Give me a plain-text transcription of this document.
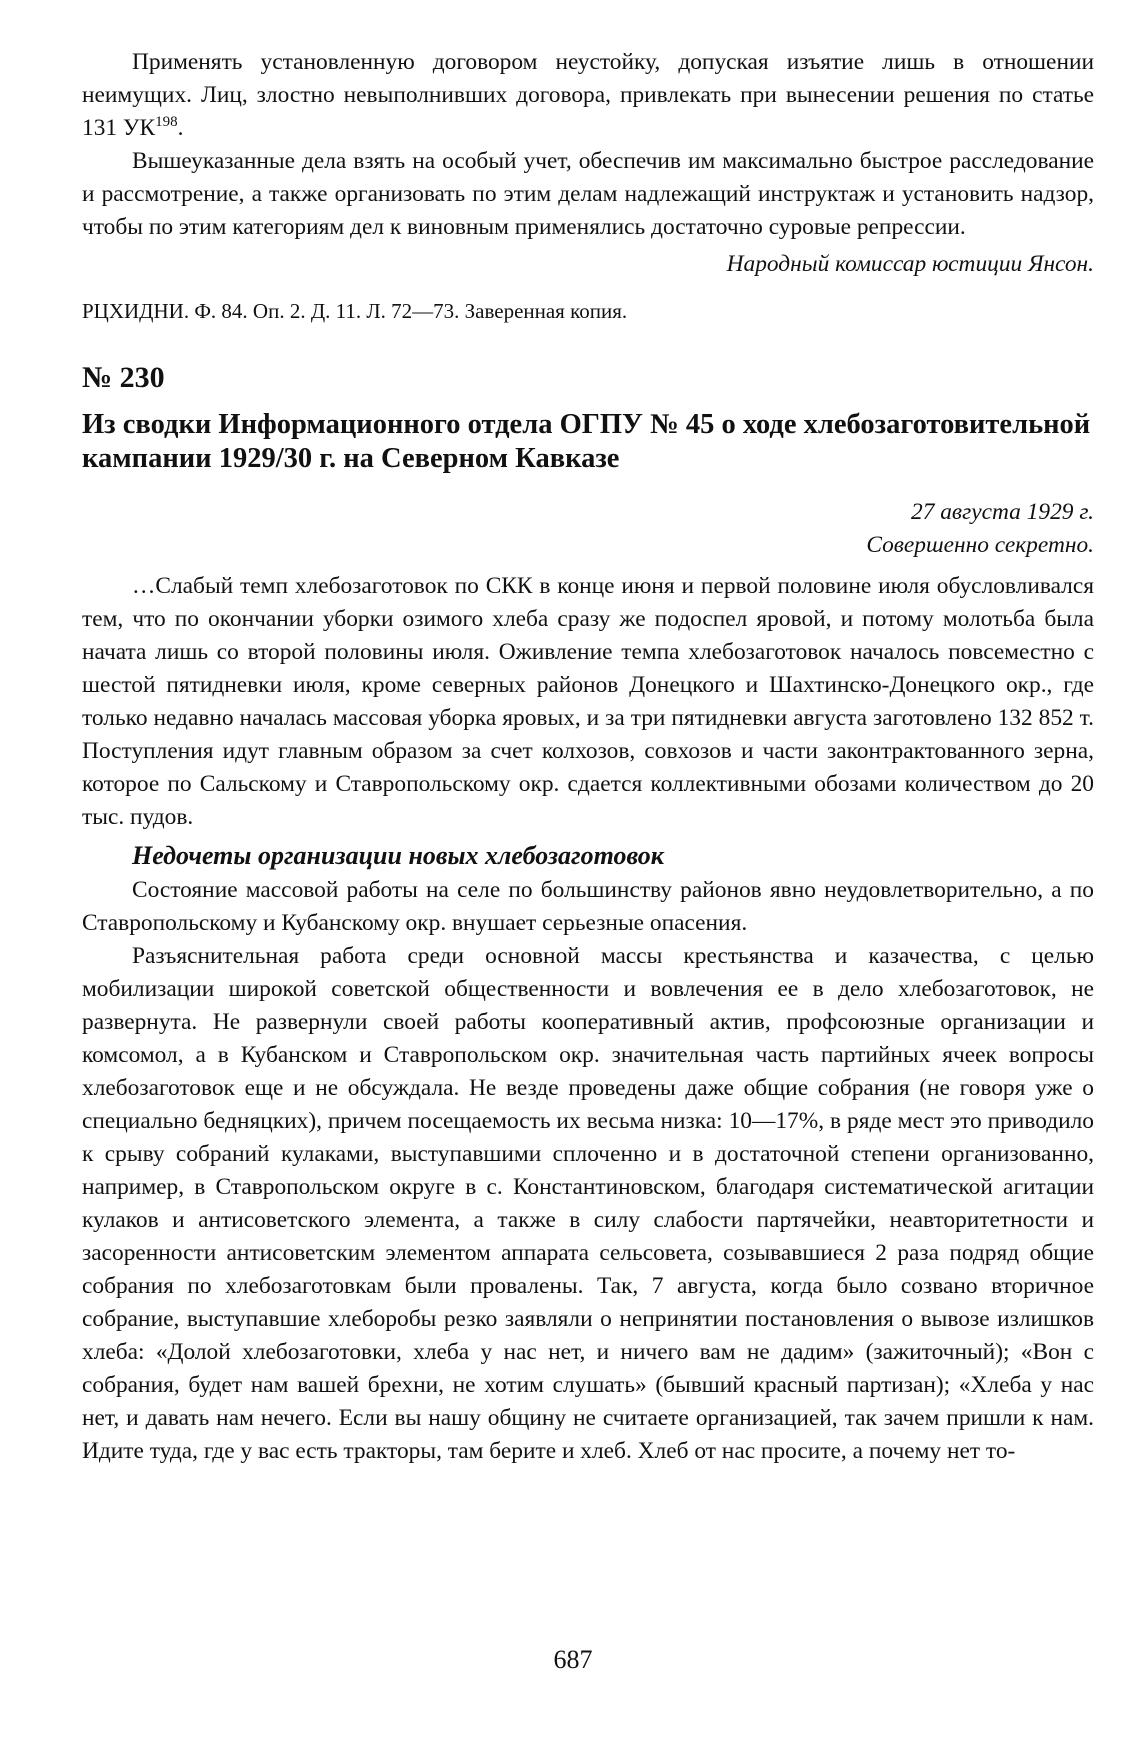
Применять установленную договором неустойку, допуская изъятие лишь в отношении неимущих. Лиц, злостно невыполнивших договора, привлекать при вынесении решения по статье 131 УК$^{198}$.

Вышеуказанные дела взять на особый учет, обеспечив им максимально быстрое расследование и рассмотрение, а также организовать по этим делам надлежащий инструктаж и установить надзор, чтобы по этим категориям дел к виновным применялись достаточно суровые репрессии.

Народный комиссар юстиции Янсон.

РЦХИДНИ. Ф. 84. Оп. 2. Д. 11. Л. 72—73. Заверенная копия.

№ 230

Из сводки Информационного отдела ОГПУ № 45 о ходе хлебозаготовительной кампании 1929/30 г. на Северном Кавказе

27 августа 1929 г.

Совершенно секретно.

…Слабый темп хлебозаготовок по СКК в конце июня и первой половине июля обусловливался тем, что по окончании уборки озимого хлеба сразу же подоспел яровой, и потому молотьба была начата лишь со второй половины июля. Оживление темпа хлебозаготовок началось повсеместно с шестой пятидневки июля, кроме северных районов Донецкого и Шахтинско-Донецкого окр., где только недавно началась массовая уборка яровых, и за три пятидневки августа заготовлено 132 852 т. Поступления идут главным образом за счет колхозов, совхозов и части законтрактованного зерна, которое по Сальскому и Ставропольскому окр. сдается коллективными обозами количеством до 20 тыс. пудов.

Недочеты организации новых хлебозаготовок

Состояние массовой работы на селе по большинству районов явно неудовлетворительно, а по Ставропольскому и Кубанскому окр. внушает серьезные опасения.

Разъяснительная работа среди основной массы крестьянства и казачества, с целью мобилизации широкой советской общественности и вовлечения ее в дело хлебозаготовок, не развернута. Не развернули своей работы кооперативный актив, профсоюзные организации и комсомол, а в Кубанском и Ставропольском окр. значительная часть партийных ячеек вопросы хлебозаготовок еще и не обсуждала. Не везде проведены даже общие собрания (не говоря уже о специально бедняцких), причем посещаемость их весьма низка: 10—17%, в ряде мест это приводило к срыву собраний кулаками, выступавшими сплоченно и в достаточной степени организованно, например, в Ставропольском округе в с. Константиновском, благодаря систематической агитации кулаков и антисоветского элемента, а также в силу слабости партячейки, неавторитетности и засоренности антисоветским элементом аппарата сельсовета, созывавшиеся 2 раза подряд общие собрания по хлебозаготовкам были провалены. Так, 7 августа, когда было созвано вторичное собрание, выступавшие хлеборобы резко заявляли о непринятии постановления о вывозе излишков хлеба: «Долой хлебозаготовки, хлеба у нас нет, и ничего вам не дадим» (зажиточный); «Вон с собрания, будет нам вашей брехни, не хотим слушать» (бывший красный партизан); «Хлеба у нас нет, и давать нам нечего. Если вы нашу общину не считаете организацией, так зачем пришли к нам. Идите туда, где у вас есть тракторы, там берите и хлеб. Хлеб от нас просите, а почему нет то-

687
